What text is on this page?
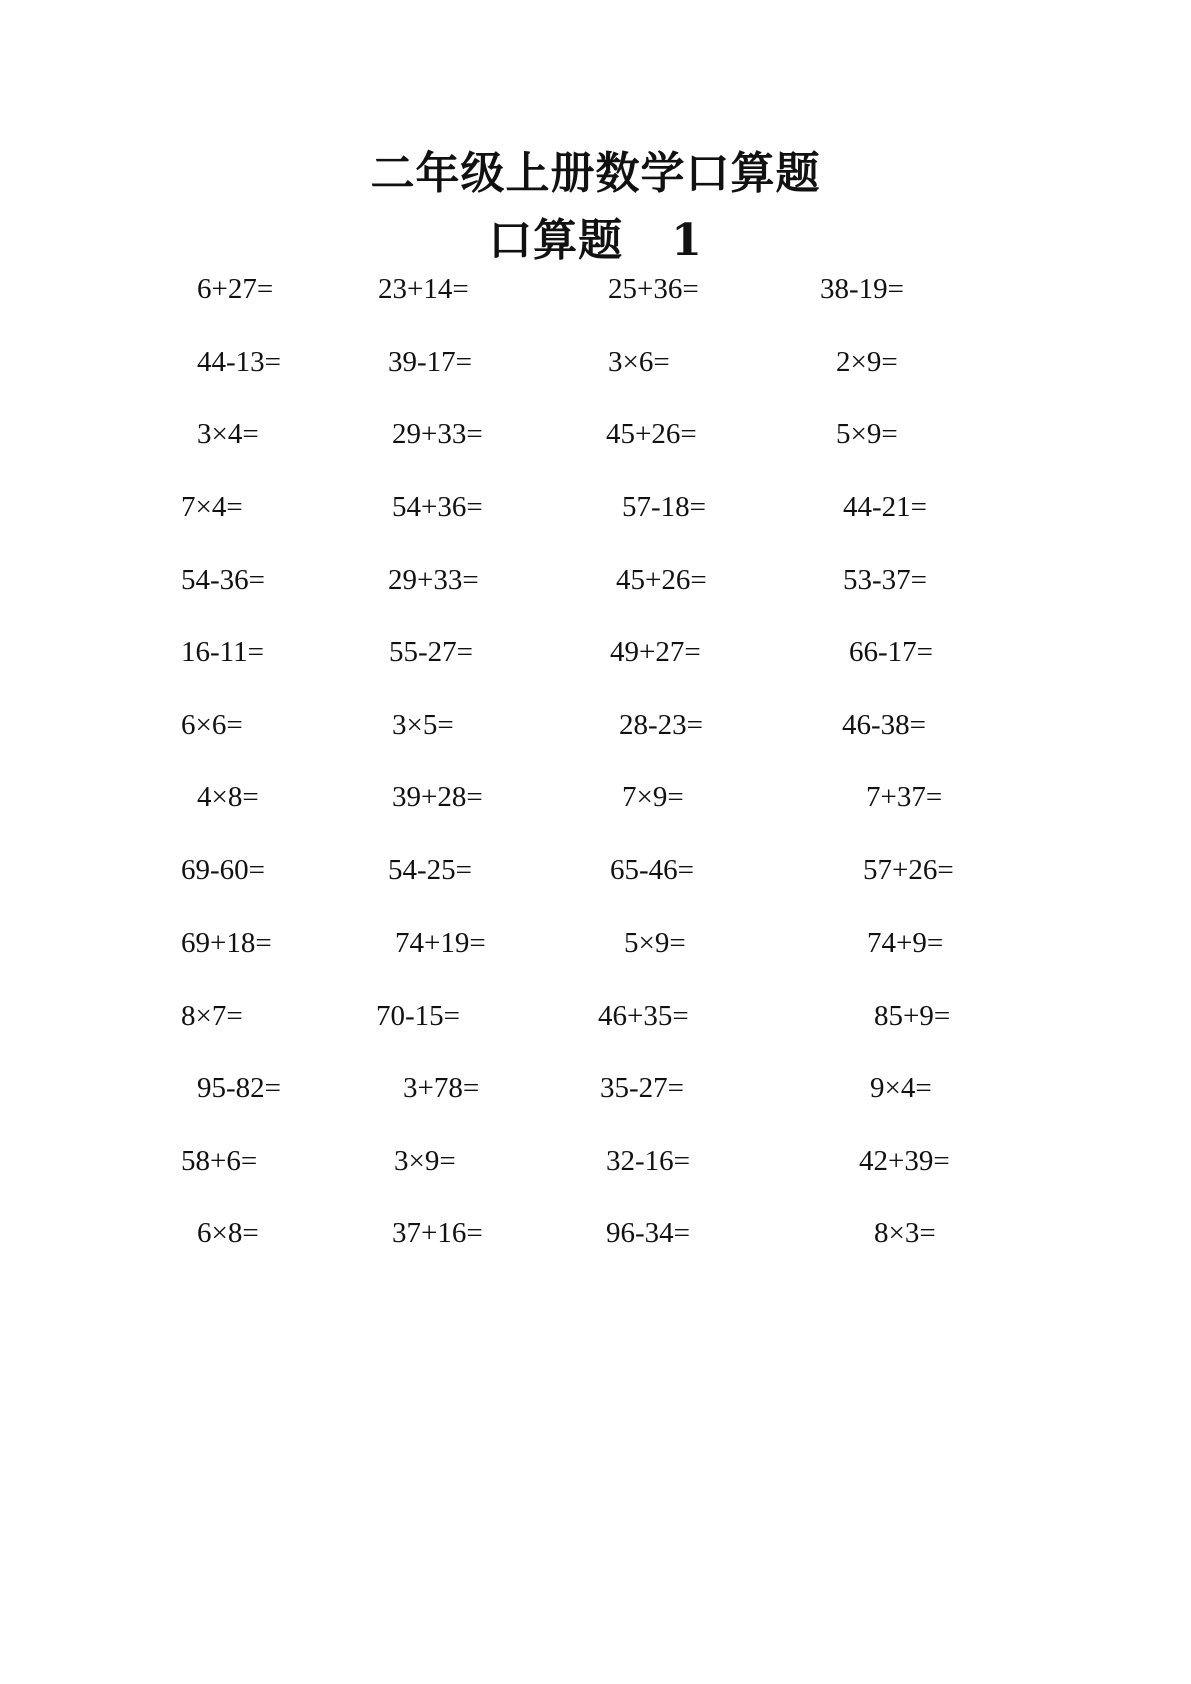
二年级上册数学口算题
口算题 1
6+27=	23+14=	25+36=	38-19=
44-13=	39-17=	3×6=	2×9=
3×4=	29+33=	45+26=	5×9=
7×4=	54+36=	57-18=	44-21=
54-36=	29+33=	45+26=	53-37=
16-11=	55-27=	49+27=	66-17=
6×6=	3×5=	28-23=	46-38=
4×8=	39+28=	7×9=	7+37=
69-60=	54-25=	65-46=	57+26=
69+18=	74+19=	5×9=	74+9=
8×7=	70-15=	46+35=	85+9=
95-82=	3+78=	35-27=	9×4=
58+6=	3×9=	32-16=	42+39=
6×8=	37+16=	96-34=	8×3=
